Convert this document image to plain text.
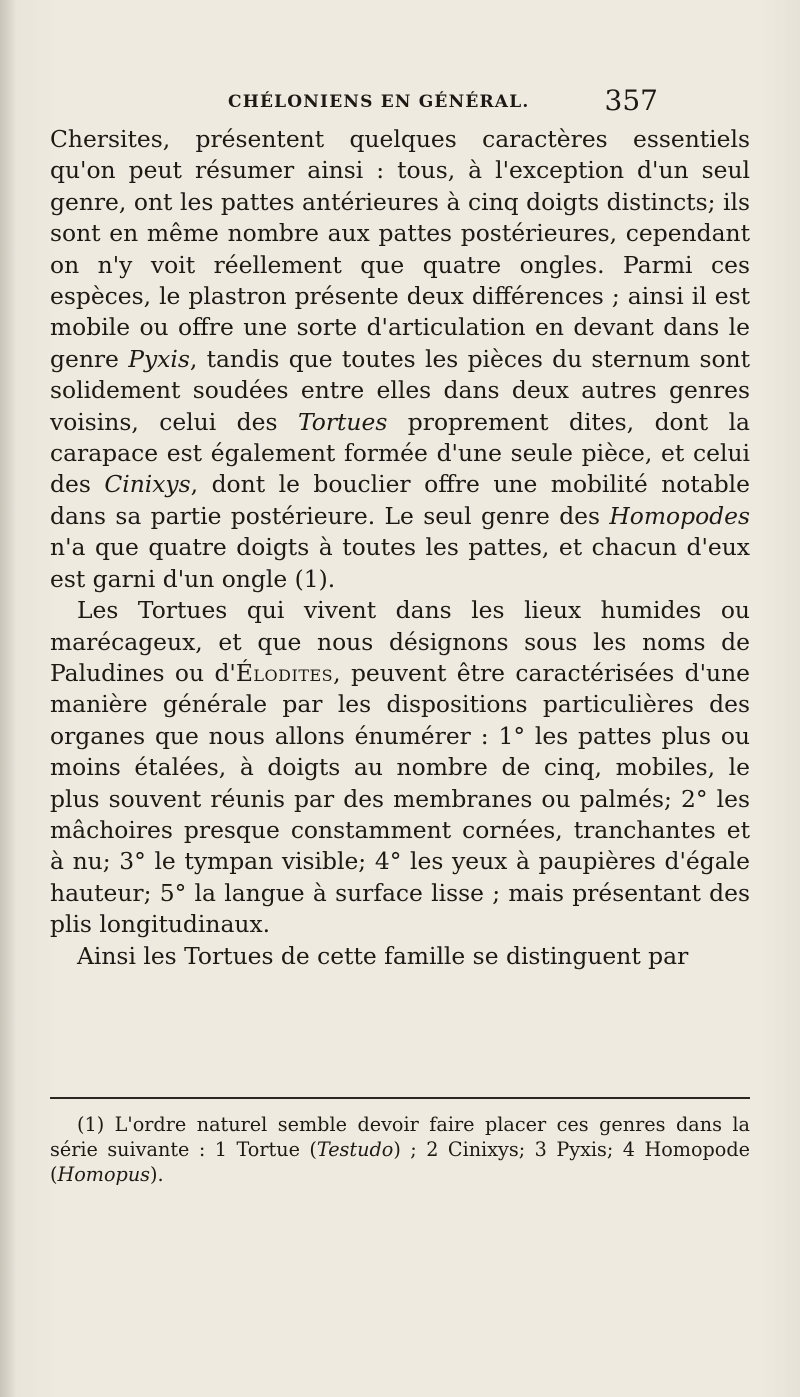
CHÉLONIENS EN GÉNÉRAL.	357

Chersites, présentent quelques caractères essentiels qu'on peut résumer ainsi : tous, à l'exception d'un seul genre, ont les pattes antérieures à cinq doigts distincts; ils sont en même nombre aux pattes postérieures, cependant on n'y voit réellement que quatre ongles. Parmi ces espèces, le plastron présente deux différences ; ainsi il est mobile ou offre une sorte d'articulation en devant dans le genre Pyxis, tandis que toutes les pièces du sternum sont solidement soudées entre elles dans deux autres genres voisins, celui des Tortues proprement dites, dont la carapace est également formée d'une seule pièce, et celui des Cinixys, dont le bouclier offre une mobilité notable dans sa partie postérieure. Le seul genre des Homopodes n'a que quatre doigts à toutes les pattes, et chacun d'eux est garni d'un ongle (1).

Les Tortues qui vivent dans les lieux humides ou marécageux, et que nous désignons sous les noms de Paludines ou d'Élodites, peuvent être caractérisées d'une manière générale par les dispositions particulières des organes que nous allons énumérer : 1° les pattes plus ou moins étalées, à doigts au nombre de cinq, mobiles, le plus souvent réunis par des membranes ou palmés; 2° les mâchoires presque constamment cornées, tranchantes et à nu; 3° le tympan visible; 4° les yeux à paupières d'égale hauteur; 5° la langue à surface lisse ; mais présentant des plis longitudinaux.

Ainsi les Tortues de cette famille se distinguent par

(1) L'ordre naturel semble devoir faire placer ces genres dans la série suivante : 1 Tortue (Testudo) ; 2 Cinixys; 3 Pyxis; 4 Homopode (Homopus).
